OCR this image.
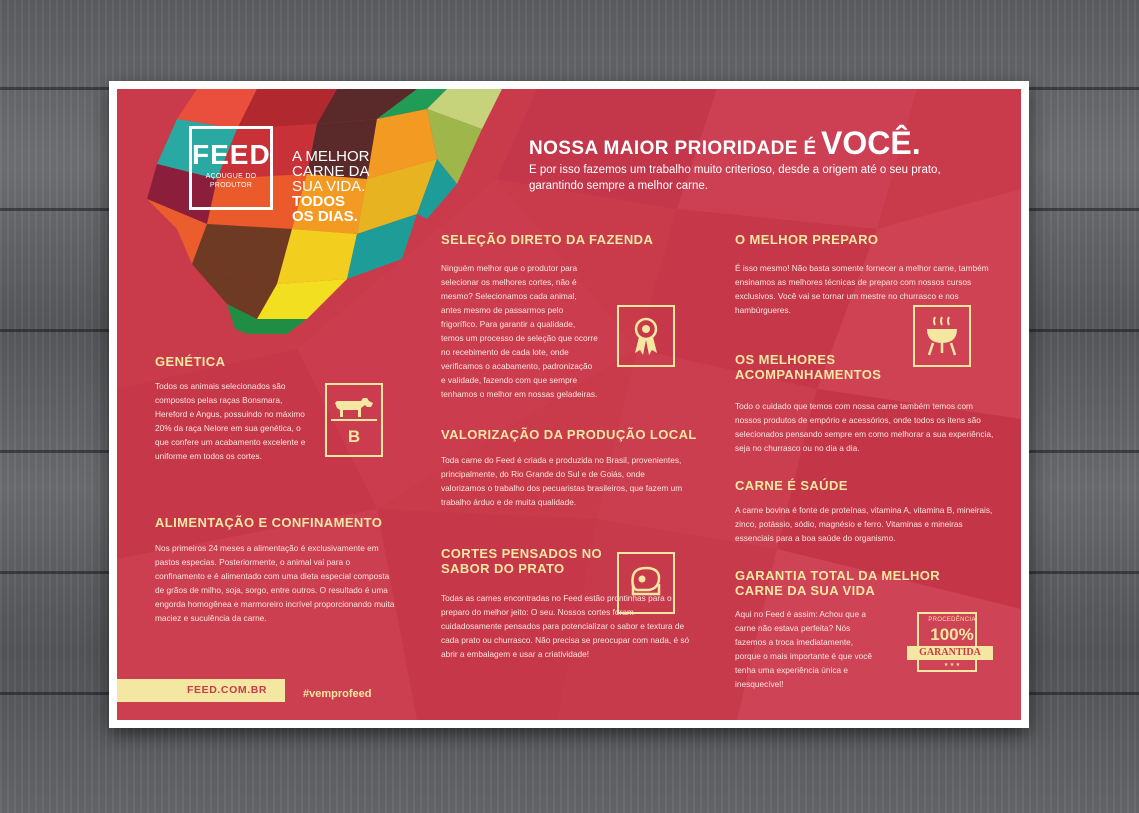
FEED
AÇOUGUE DO
PRODUTOR
A MELHOR
CARNE DA
SUA VIDA.
TODOS
OS DIAS.
NOSSA MAIOR PRIORIDADE É VOCÊ.
E por isso fazemos um trabalho muito criterioso, desde a origem até o seu prato, garantindo sempre a melhor carne.

GENÉTICA

Todos os animais selecionados são compostos pelas raças Bonsmara, Hereford e Angus, possuindo no máximo 20% da raça Nelore em sua genética, o que confere um acabamento excelente e uniforme em todos os cortes.

B

ALIMENTAÇÃO E CONFINAMENTO

Nos primeiros 24 meses a alimentação é exclusivamente em pastos especias. Posteriormente, o animal vai para o confinamento e é alimentado com uma dieta especial composta de grãos de milho, soja, sorgo, entre outros. O resultado é uma engorda homogênea e marmoreiro incrível proporcionando muita maciez e suculência da carne.

FEED.COM.BR	#vemprofeed

SELEÇÃO DIRETO DA FAZENDA

Ninguém melhor que o produtor para selecionar os melhores cortes, não é mesmo? Selecionamos cada animal, antes mesmo de passarmos pelo frigorífico. Para garantir a qualidade, temos um processo de seleção que ocorre no recebimento de cada lote, onde verificamos o acabamento, padronização e validade, fazendo com que sempre tenhamos o melhor em nossas geladeiras.

VALORIZAÇÃO DA PRODUÇÃO LOCAL

Toda carne do Feed é criada e produzida no Brasil, provenientes, principalmente, do Rio Grande do Sul e de Goiás, onde valorizamos o trabalho dos pecuaristas brasileiros, que fazem um trabalho árduo e de muita qualidade.

CORTES PENSADOS NO
SABOR DO PRATO

Todas as carnes encontradas no Feed estão prontinhas para o preparo do melhor jeito: O seu. Nossos cortes foram cuidadosamente pensados para potencializar o sabor e textura de cada prato ou churrasco. Não precisa se preocupar com nada, é só abrir a embalagem e usar a criatividade!

O MELHOR PREPARO

É isso mesmo! Não basta somente fornecer a melhor carne, também ensinamos as melhores técnicas de preparo com nossos cursos exclusivos. Você vai se tornar um mestre no churrasco e nos hambúrgueres.

OS MELHORES
ACOMPANHAMENTOS

Todo o cuidado que temos com nossa carne também temos com nossos produtos de empório e acessórios, onde todos os itens são selecionados pensando sempre em como melhorar a sua experiência, seja no churrasco ou no dia a dia.

CARNE É SAÚDE

A carne bovina é fonte de proteínas, vitamina A, vitamina B, mineirais, zinco, potássio, sódio, magnésio e ferro. Vitaminas e mineiras essenciais para a boa saúde do organismo.

GARANTIA TOTAL DA MELHOR
CARNE DA SUA VIDA

Aqui no Feed é assim: Achou que a carne não estava perfeita? Nós fazemos a troca imediatamente, porque o mais importante é que você tenha uma experiência única e inesquecível!

PROCEDÊNCIA
100%
GARANTIDA
★ ★ ★
